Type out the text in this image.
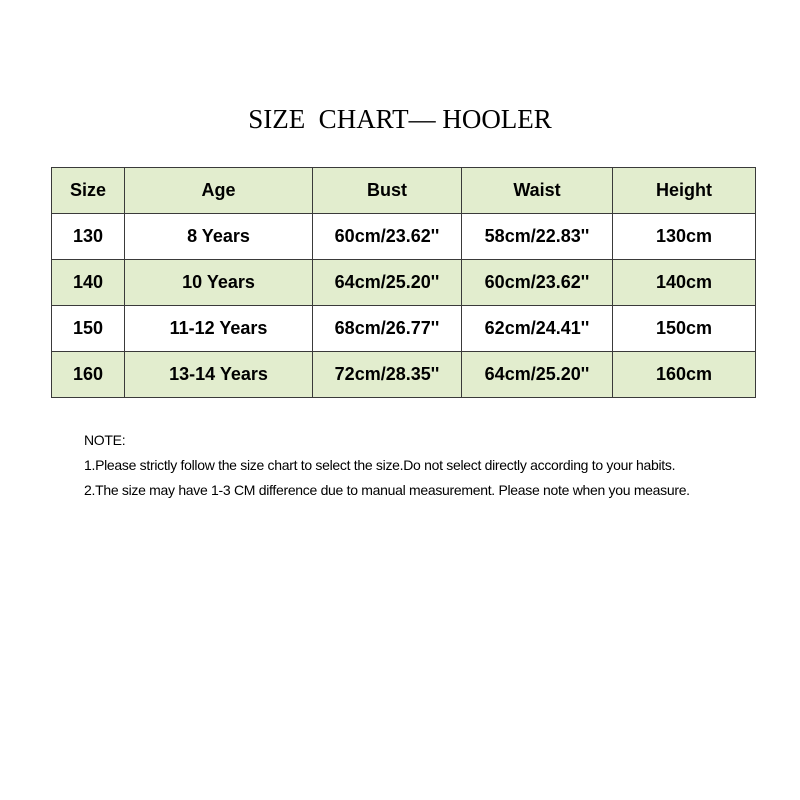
SIZE  CHART— HOOLER
Size	Age	Bust	Waist	Height
130	8 Years	60cm/23.62''	58cm/22.83''	130cm
140	10 Years	64cm/25.20''	60cm/23.62''	140cm
150	11-12 Years	68cm/26.77''	62cm/24.41''	150cm
160	13-14 Years	72cm/28.35''	64cm/25.20''	160cm
NOTE:
1.Please strictly follow the size chart to select the size.Do not select directly according to your habits.
2.The size may have 1-3 CM difference due to manual measurement. Please note when you measure.
